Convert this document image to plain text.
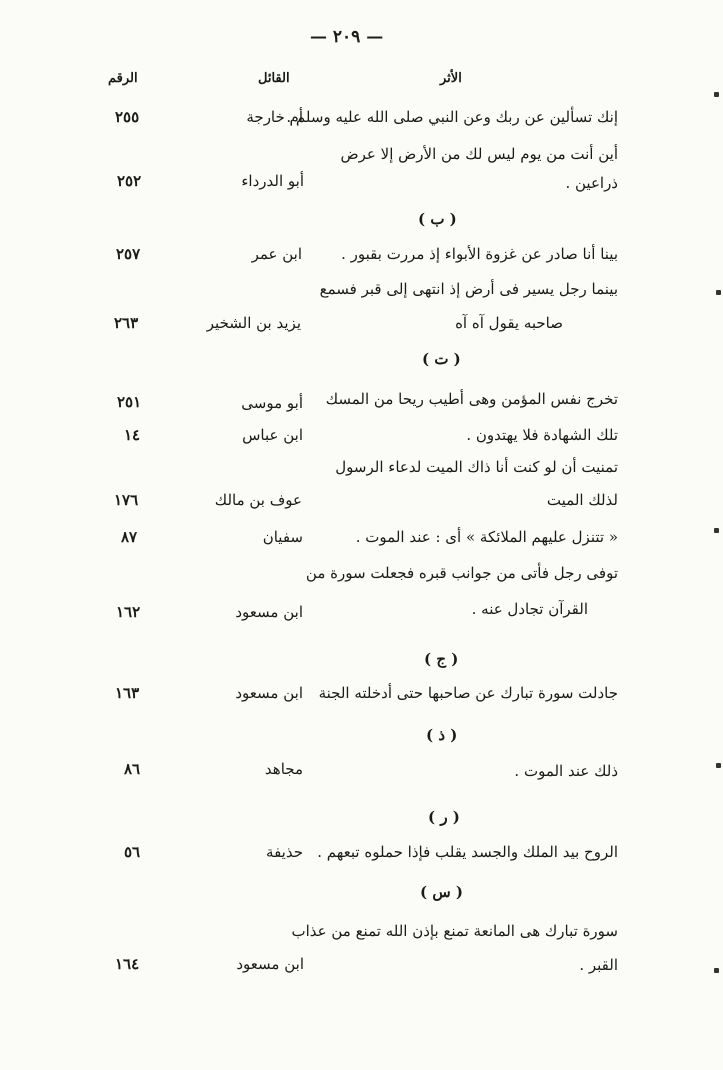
— ٢٠٩ —
الأثر
القائل
الرقم
إنك تسألين عن ربك وعن النبي صلى الله عليه وسلم .
أم خارجة
٢٥٥
أين أنت من يوم ليس لك من الأرض إلا عرض
ذراعين .
أبو الدرداء
٢٥٢
( ب )
بينا أنا صادر عن غزوة الأبواء إذ مررت بقبور .
ابن عمر
٢٥٧
بينما رجل يسير فى أرض إذ انتهى إلى قبر فسمع
صاحبه يقول آه آه
يزيد بن الشخير
٢٦٣
( ت )
تخرج نفس المؤمن وهى أطيب ريحا من المسك
أبو موسى
٢٥١
تلك الشهادة فلا يهتدون .
ابن عباس
١٤
تمنيت أن لو كنت أنا ذاك الميت لدعاء الرسول
لذلك الميت
عوف بن مالك
١٧٦
« تتنزل عليهم الملائكة » أى : عند الموت .
سفيان
٨٧
توفى رجل فأتى من جوانب قبره فجعلت سورة من
القرآن تجادل عنه .
ابن مسعود
١٦٢
( ج )
جادلت سورة تبارك عن صاحبها حتى أدخلته الجنة
ابن مسعود
١٦٣
( ذ )
ذلك عند الموت .
مجاهد
٨٦
( ر )
الروح بيد الملك والجسد يقلب فإذا حملوه تبعهم .
حذيفة
٥٦
( س )
سورة تبارك هى المانعة تمنع بإذن الله تمنع من عذاب
القبر .
ابن مسعود
١٦٤
